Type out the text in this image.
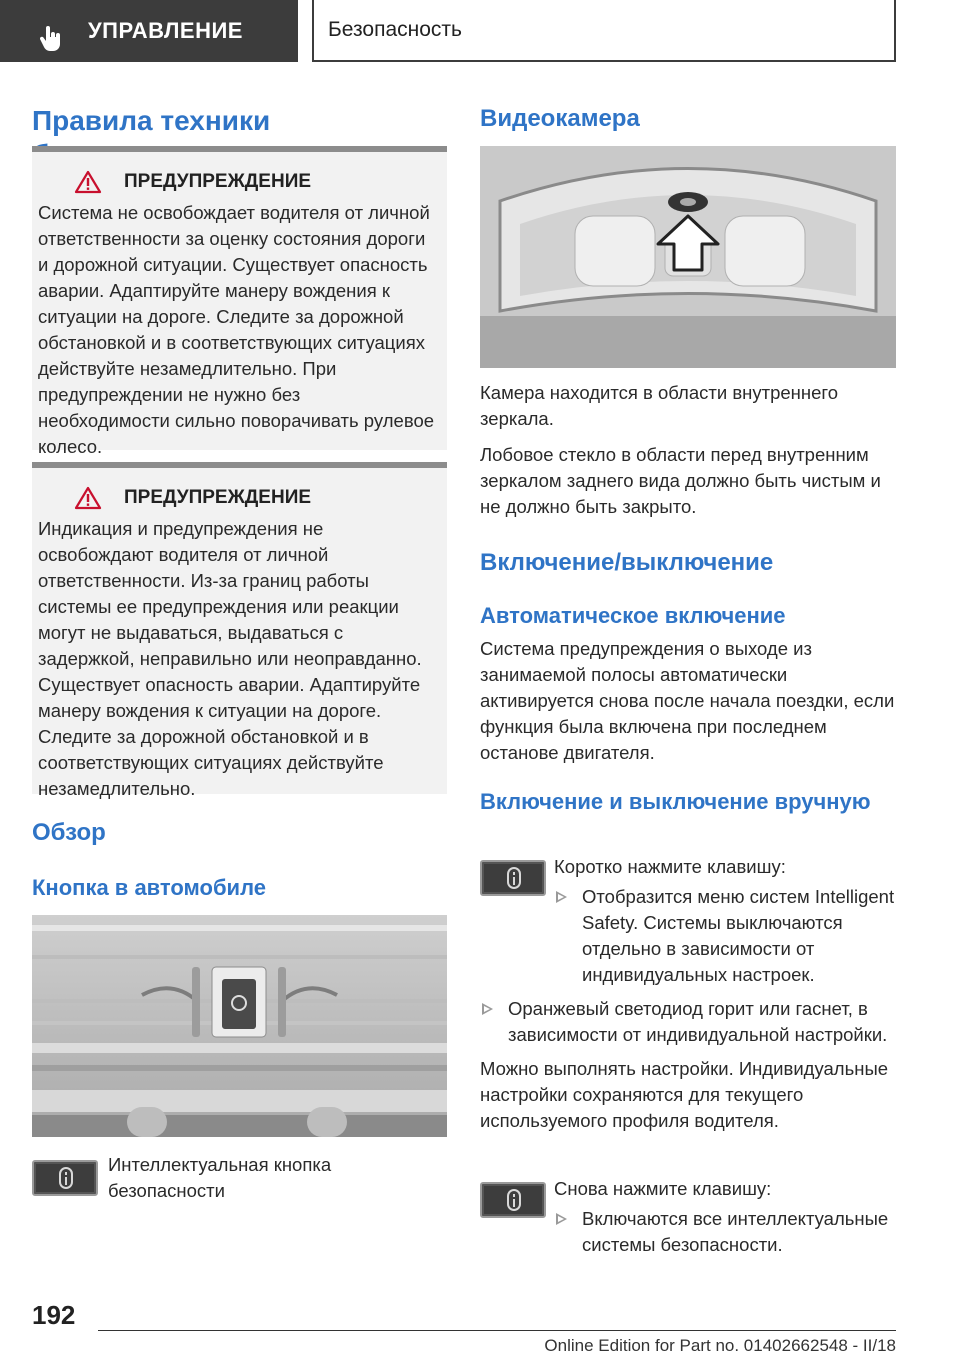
УПРАВЛЕНИЕ	Безопасность
Правила техники
ПРЕДУПРЕЖДЕНИЕ

Система не освобождает водителя от личной ответственности за оценку состояния дороги и дорожной ситуации. Существует опасность аварии. Адаптируйте манеру вождения к ситуации на дороге. Следите за дорожной обстановкой и в соответствующих ситуациях действуйте незамедлительно. При предупреждении не нужно без необходимости сильно поворачивать рулевое колесо.

ПРЕДУПРЕЖДЕНИЕ

Индикация и предупреждения не освобождают водителя от личной ответственности. Из-за границ работы системы ее предупреждения или реакции могут не выдаваться, выдаваться с задержкой, неправильно или неоправданно. Существует опасность аварии. Адаптируйте манеру вождения к ситуации на дороге. Следите за дорожной обстановкой и в соответствующих ситуациях действуйте незамедлительно.

Обзор
Кнопка в автомобиле

Интеллектуальная кнопка безопасности

Видеокамера

Камера находится в области внутреннего зеркала.

Лобовое стекло в области перед внутренним зеркалом заднего вида должно быть чистым и не должно быть закрыто.

Включение/выключение
Автоматическое включение

Система предупреждения о выходе из занимаемой полосы автоматически активируется снова после начала поездки, если функция была включена при последнем останове двигателя.

Включение и выключение вручную

Коротко нажмите клавишу:

Отобразится меню систем Intelligent Safety. Системы выключаются отдельно в зависимости от индивидуальных настроек.
Оранжевый светодиод горит или гаснет, в зависимости от индивидуальной настройки.

Можно выполнять настройки. Индивидуальные настройки сохраняются для текущего используемого профиля водителя.

Снова нажмите клавишу:

Включаются все интеллектуальные системы безопасности.
192
Online Edition for Part no. 01402662548 - II/18
